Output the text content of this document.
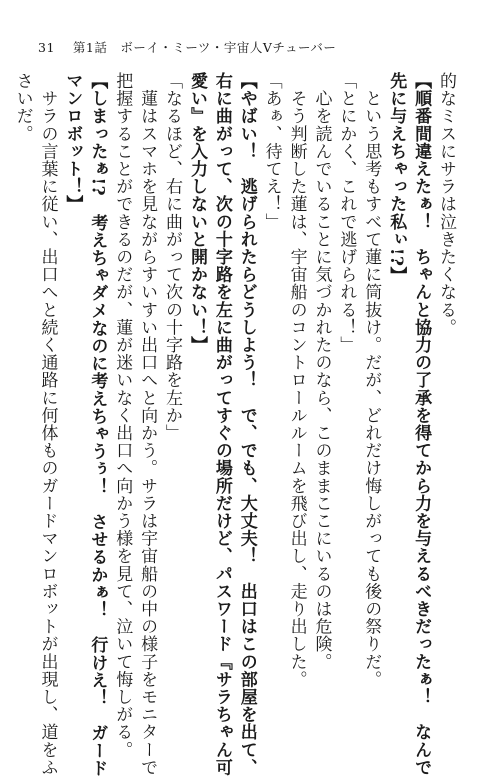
31 第1話　ボーイ・ミーツ・宇宙人Vチューバー

的なミスにサラは泣きたくなる。

【順番間違えたぁ！　ちゃんと協力の了承を得てから力を与えるべきだったぁ！　なんで

先に与えちゃった私ぃ!?】

　という思考もすべて蓮に筒抜け。だが、どれだけ悔しがっても後の祭りだ。

「とにかく、これで逃げられる！」

　心を読んでいることに気づかれたのなら、このままここにいるのは危険。

　そう判断した蓮は、宇宙船のコントロールルームを飛び出し、走り出した。

「あぁ、待てえ！」

【やばい！　逃げられたらどうしよう！　で、でも、大丈夫！　出口はこの部屋を出て、

右に曲がって、次の十字路を左に曲がってすぐの場所だけど、パスワード『サラちゃん可

愛い』を入力しないと開かない！】

「なるほど、右に曲がって次の十字路を左か」

　蓮はスマホを見ながらすいすい出口へと向かう。サラは宇宙船の中の様子をモニターで

把握することができるのだが、蓮が迷いなく出口へ向かう様を見て、泣いて悔しがる。

【しまったぁ!?　考えちゃダメなのに考えちゃうぅ！　させるかぁ！　行けえ！　ガード

マンロボット！】

　サラの言葉に従い、出口へと続く通路に何体ものガードマンロボットが出現し、道をふ

さいだ。
